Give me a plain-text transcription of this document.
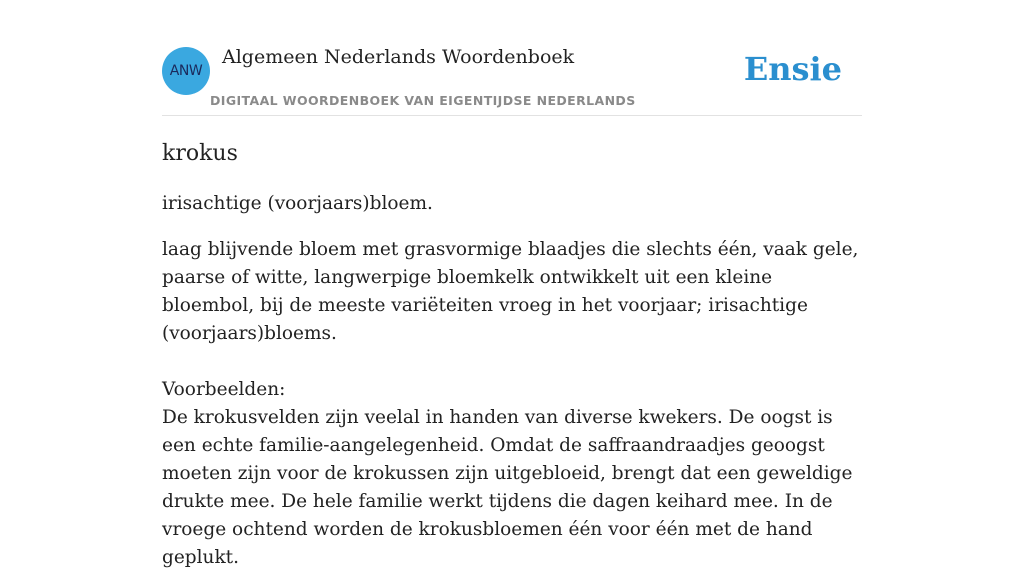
ANW
Algemeen Nederlands Woordenboek
DIGITAAL WOORDENBOEK VAN EIGENTIJDSE NEDERLANDS
Ensie
krokus

irisachtige (voorjaars)bloem.

laag blijvende bloem met grasvormige blaadjes die slechts één, vaak gele, paarse of witte, langwerpige bloemkelk ontwikkelt uit een kleine bloembol, bij de meeste variëteiten vroeg in het voorjaar; irisachtige (voorjaars)bloems.

Voorbeelden:
De krokusvelden zijn veelal in handen van diverse kwekers. De oogst is een echte familie-aangelegenheid. Omdat de saffraandraadjes geoogst moeten zijn voor de krokussen zijn uitgebloeid, brengt dat een geweldige drukte mee. De hele familie werkt tijdens die dagen keihard mee. In de vroege ochtend worden de krokusbloemen één voor één met de hand geplukt.
